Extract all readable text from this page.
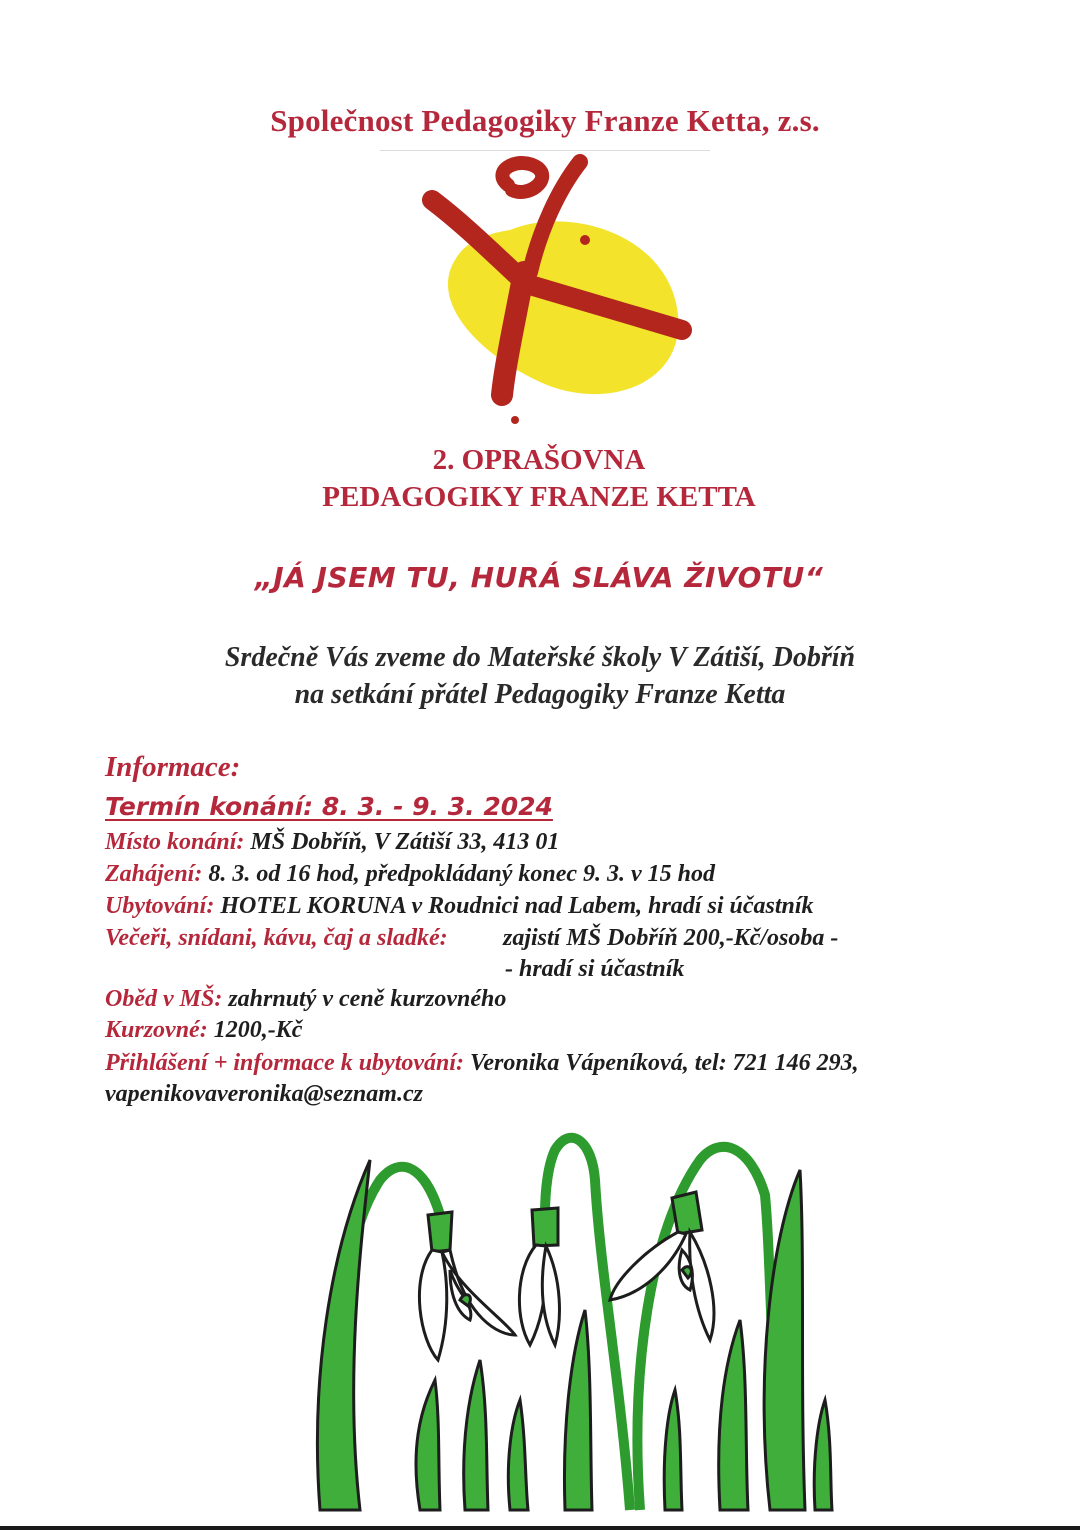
Společnost Pedagogiky Franze Ketta, z.s.
2. OPRAŠOVNA
PEDAGOGIKY FRANZE KETTA
„JÁ JSEM TU, HURÁ SLÁVA ŽIVOTU“
Srdečně Vás zveme do Mateřské školy V Zátiší, Dobříň
na setkání přátel Pedagogiky Franze Ketta
Informace:
Termín konání: 8. 3. - 9. 3. 2024
Místo konání: MŠ Dobříň, V Zátiší 33, 413 01
Zahájení: 8. 3. od 16 hod, předpokládaný konec 9. 3. v 15 hod
Ubytování: HOTEL KORUNA v Roudnici nad Labem, hradí si účastník
Večeři, snídani, kávu, čaj a sladké: zajistí MŠ Dobříň 200,-Kč/osoba -
- hradí si účastník
Oběd v MŠ: zahrnutý v ceně kurzovného
Kurzovné: 1200,-Kč
Přihlášení + informace k ubytování: Veronika Vápeníková, tel: 721 146 293,
vapenikovaveronika@seznam.cz
